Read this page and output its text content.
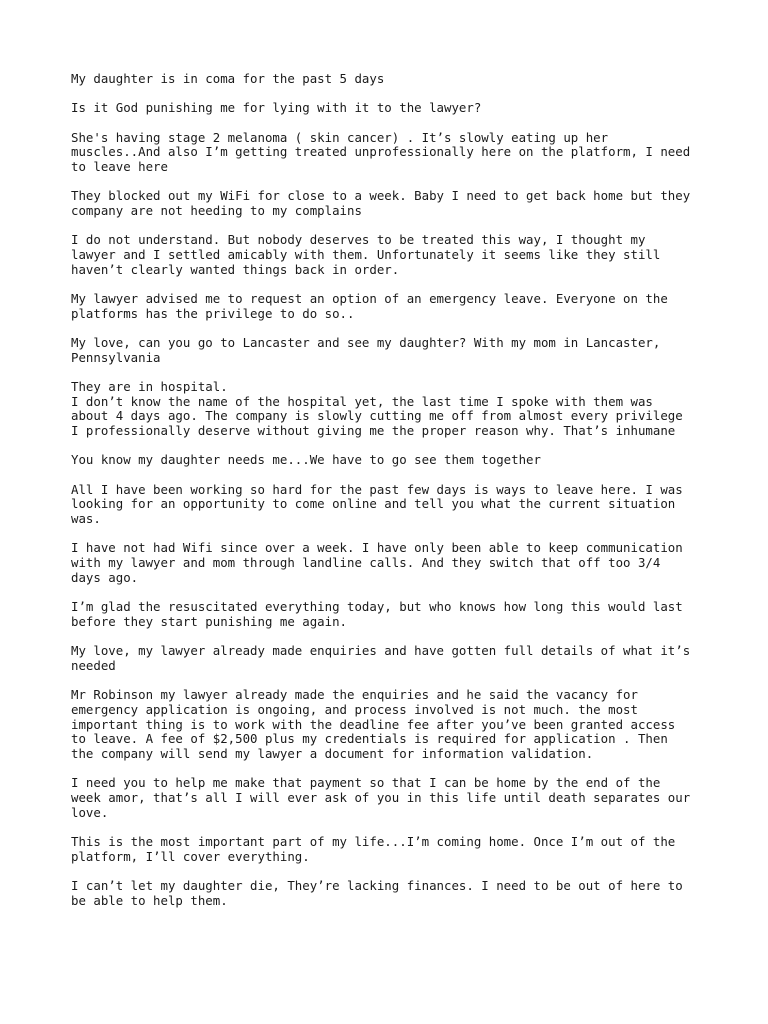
My daughter is in coma for the past 5 days

Is it God punishing me for lying with it to the lawyer?

She's having stage 2 melanoma ( skin cancer) . It’s slowly eating up her
muscles..And also I’m getting treated unprofessionally here on the platform, I need
to leave here

They blocked out my WiFi for close to a week. Baby I need to get back home but they
company are not heeding to my complains

I do not understand. But nobody deserves to be treated this way, I thought my
lawyer and I settled amicably with them. Unfortunately it seems like they still
haven’t clearly wanted things back in order.

My lawyer advised me to request an option of an emergency leave. Everyone on the
platforms has the privilege to do so..

My love, can you go to Lancaster and see my daughter? With my mom in Lancaster,
Pennsylvania

They are in hospital.
I don’t know the name of the hospital yet, the last time I spoke with them was
about 4 days ago. The company is slowly cutting me off from almost every privilege
I professionally deserve without giving me the proper reason why. That’s inhumane

You know my daughter needs me...We have to go see them together

All I have been working so hard for the past few days is ways to leave here. I was
looking for an opportunity to come online and tell you what the current situation
was.

I have not had Wifi since over a week. I have only been able to keep communication
with my lawyer and mom through landline calls. And they switch that off too 3/4
days ago.

I’m glad the resuscitated everything today, but who knows how long this would last
before they start punishing me again.

My love, my lawyer already made enquiries and have gotten full details of what it’s
needed

Mr Robinson my lawyer already made the enquiries and he said the vacancy for
emergency application is ongoing, and process involved is not much. the most
important thing is to work with the deadline fee after you’ve been granted access
to leave. A fee of $2,500 plus my credentials is required for application . Then
the company will send my lawyer a document for information validation.

I need you to help me make that payment so that I can be home by the end of the
week amor, that’s all I will ever ask of you in this life until death separates our
love.

This is the most important part of my life...I’m coming home. Once I’m out of the
platform, I’ll cover everything.

I can’t let my daughter die, They’re lacking finances. I need to be out of here to
be able to help them.
